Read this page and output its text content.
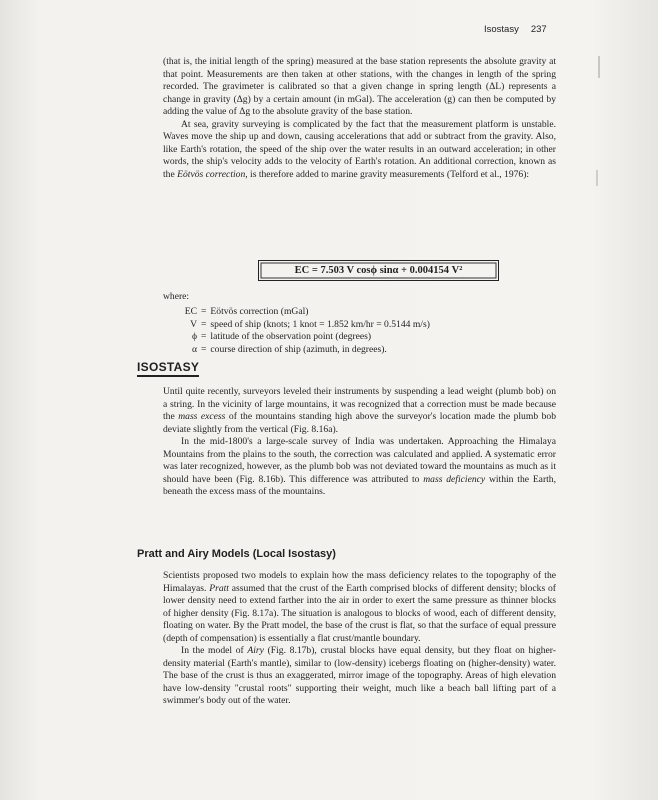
Isostasy 237

(that is, the initial length of the spring) measured at the base station represents the absolute gravity at that point. Measurements are then taken at other stations, with the changes in length of the spring recorded. The gravimeter is calibrated so that a given change in spring length (ΔL) represents a change in gravity (Δg) by a certain amount (in mGal). The acceleration (g) can then be computed by adding the value of Δg to the absolute gravity of the base station.

At sea, gravity surveying is complicated by the fact that the measurement platform is unstable. Waves move the ship up and down, causing accelerations that add or subtract from the gravity. Also, like Earth's rotation, the speed of the ship over the water results in an outward acceleration; in other words, the ship's velocity adds to the velocity of Earth's rotation. An additional correction, known as the Eötvös correction, is therefore added to marine gravity measurements (Telford et al., 1976):

EC = 7.503 V cosϕ sinα + 0.004154 V²
where:
EC = Eötvös correction (mGal)
V = speed of ship (knots; 1 knot = 1.852 km/hr = 0.5144 m/s)
ϕ = latitude of the observation point (degrees)
α = course direction of ship (azimuth, in degrees).
ISOSTASY

Until quite recently, surveyors leveled their instruments by suspending a lead weight (plumb bob) on a string. In the vicinity of large mountains, it was recognized that a correction must be made because the mass excess of the mountains standing high above the surveyor's location made the plumb bob deviate slightly from the vertical (Fig. 8.16a).

In the mid-1800's a large-scale survey of India was undertaken. Approaching the Himalaya Mountains from the plains to the south, the correction was calculated and applied. A systematic error was later recognized, however, as the plumb bob was not deviated toward the mountains as much as it should have been (Fig. 8.16b). This difference was attributed to mass deficiency within the Earth, beneath the excess mass of the mountains.

Pratt and Airy Models (Local Isostasy)

Scientists proposed two models to explain how the mass deficiency relates to the topography of the Himalayas. Pratt assumed that the crust of the Earth comprised blocks of different density; blocks of lower density need to extend farther into the air in order to exert the same pressure as thinner blocks of higher density (Fig. 8.17a). The situation is analogous to blocks of wood, each of different density, floating on water. By the Pratt model, the base of the crust is flat, so that the surface of equal pressure (depth of compensation) is essentially a flat crust/mantle boundary.

In the model of Airy (Fig. 8.17b), crustal blocks have equal density, but they float on higher-density material (Earth's mantle), similar to (low-density) icebergs floating on (higher-density) water. The base of the crust is thus an exaggerated, mirror image of the topography. Areas of high elevation have low-density "crustal roots" supporting their weight, much like a beach ball lifting part of a swimmer's body out of the water.
